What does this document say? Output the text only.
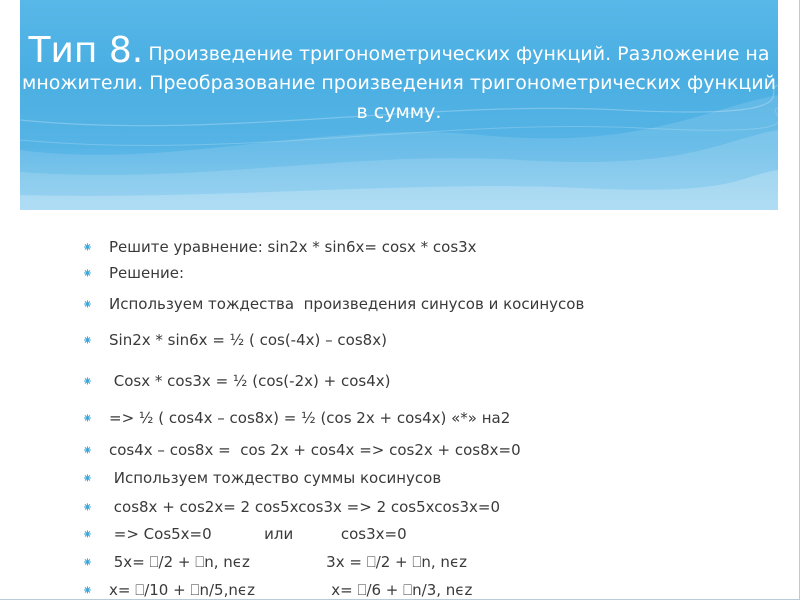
Тип 8. Произведение тригонометрических функций. Разложение на множители. Преобразование произведения тригонометрических функций в сумму.
⁕ Решите уравнение: sin2x * sin6x= cosx * cos3x
⁕ Решение:
⁕ Используем тождества  произведения синусов и косинусов
⁕ Sin2x * sin6x = ½ ( cos(-4x) – cos8x)
⁕ Cosx * cos3x = ½ (cos(-2x) + cos4x)
⁕ => ½ ( cos4x – cos8x) = ½ (cos 2x + cos4x) «*» на2
⁕ cos4x – cos8x =  cos 2x + cos4x => cos2x + cos8x=0
⁕ Используем тождество суммы косинусов
⁕ cos8x + cos2x= 2 cos5xcos3x => 2 cos5xcos3x=0
⁕ => Cos5x=0           или          cos3x=0
⁕ 5x= ⎕/2 + ⎕n, nϵz                3x = ⎕/2 + ⎕n, nϵz
⁕ x= ⎕/10 + ⎕n/5,nϵz                x= ⎕/6 + ⎕n/3, nϵz
